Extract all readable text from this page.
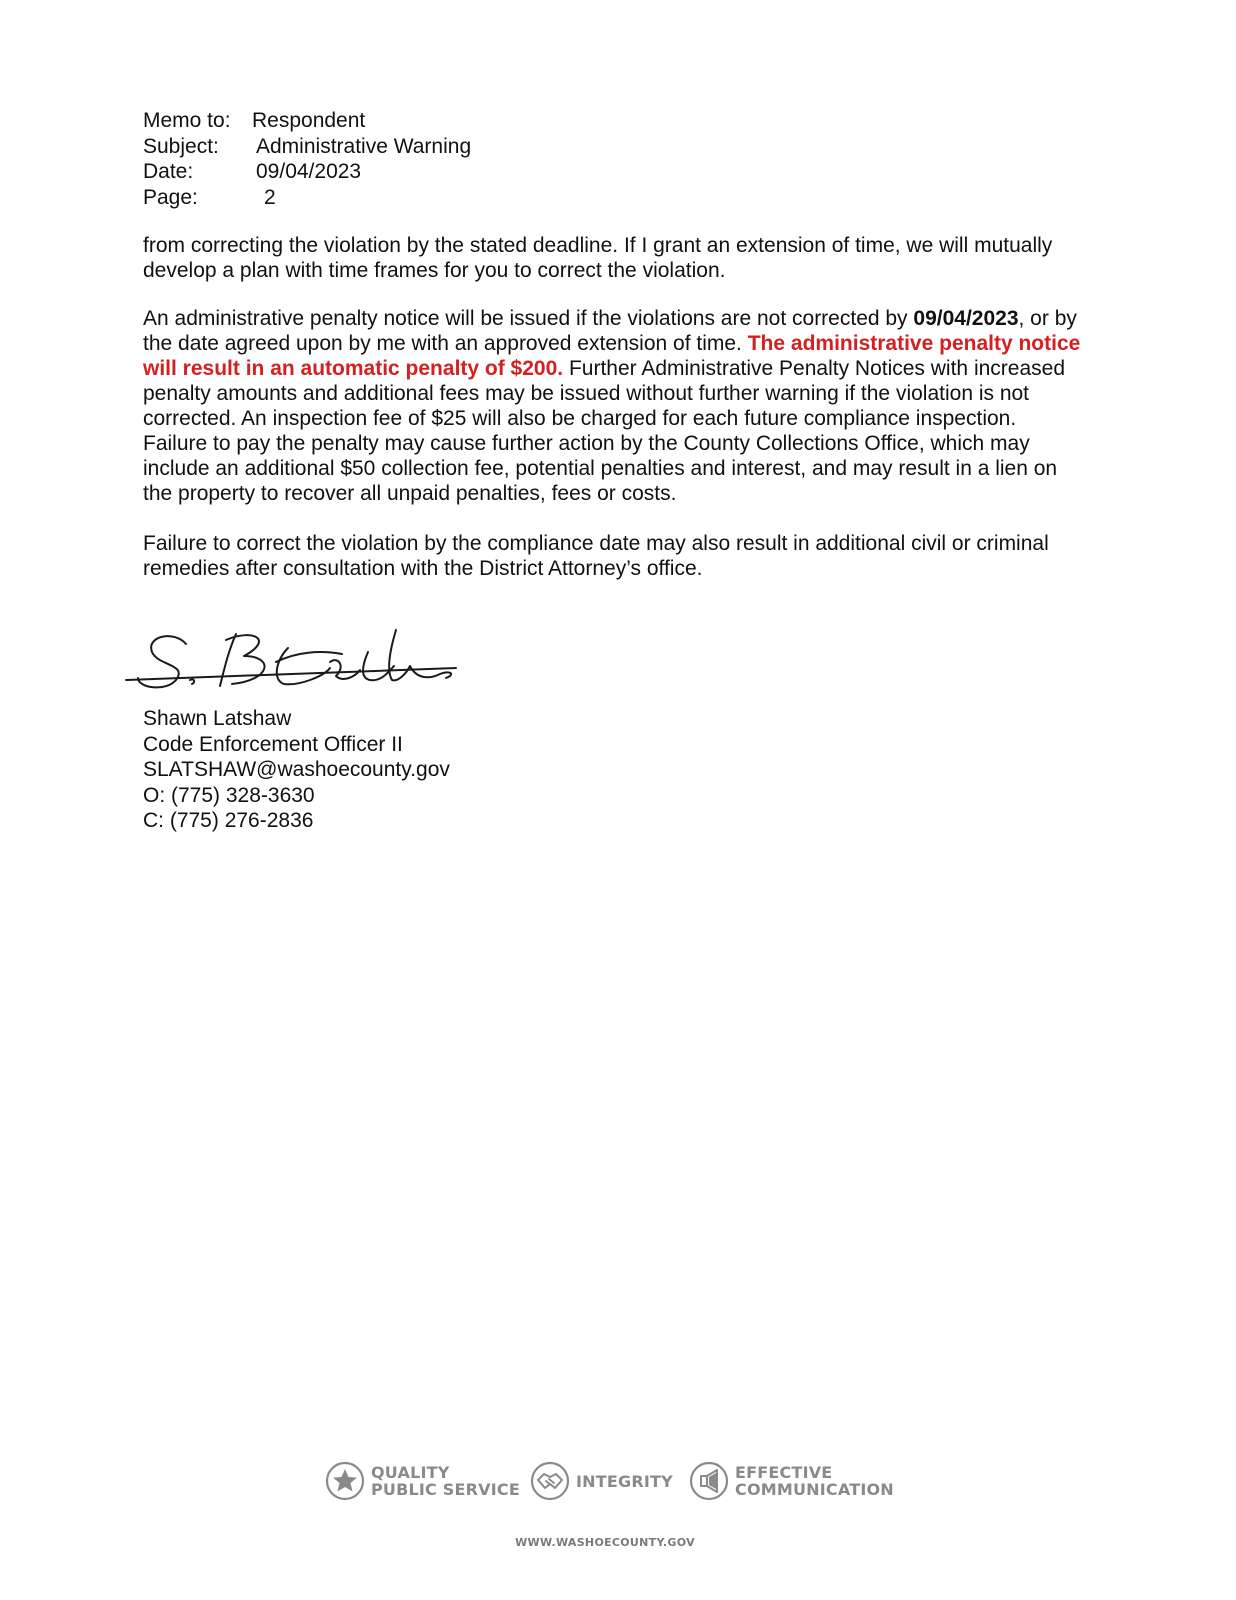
Memo to: Respondent
Subject: Administrative Warning
Date:	09/04/2023
Page:	2
from correcting the violation by the stated deadline. If I grant an extension of time, we will mutually develop a plan with time frames for you to correct the violation.
An administrative penalty notice will be issued if the violations are not corrected by 09/04/2023, or by the date agreed upon by me with an approved extension of time. The administrative penalty notice will result in an automatic penalty of $200. Further Administrative Penalty Notices with increased penalty amounts and additional fees may be issued without further warning if the violation is not corrected. An inspection fee of $25 will also be charged for each future compliance inspection. Failure to pay the penalty may cause further action by the County Collections Office, which may include an additional $50 collection fee, potential penalties and interest, and may result in a lien on the property to recover all unpaid penalties, fees or costs.
Failure to correct the violation by the compliance date may also result in additional civil or criminal remedies after consultation with the District Attorney’s office.
Shawn Latshaw
Code Enforcement Officer II
SLATSHAW@washoecounty.gov
O: (775) 328-3630
C: (775) 276-2836
QUALITY
PUBLIC SERVICE	INTEGRITY	EFFECTIVE
COMMUNICATION
WWW.WASHOECOUNTY.GOV
